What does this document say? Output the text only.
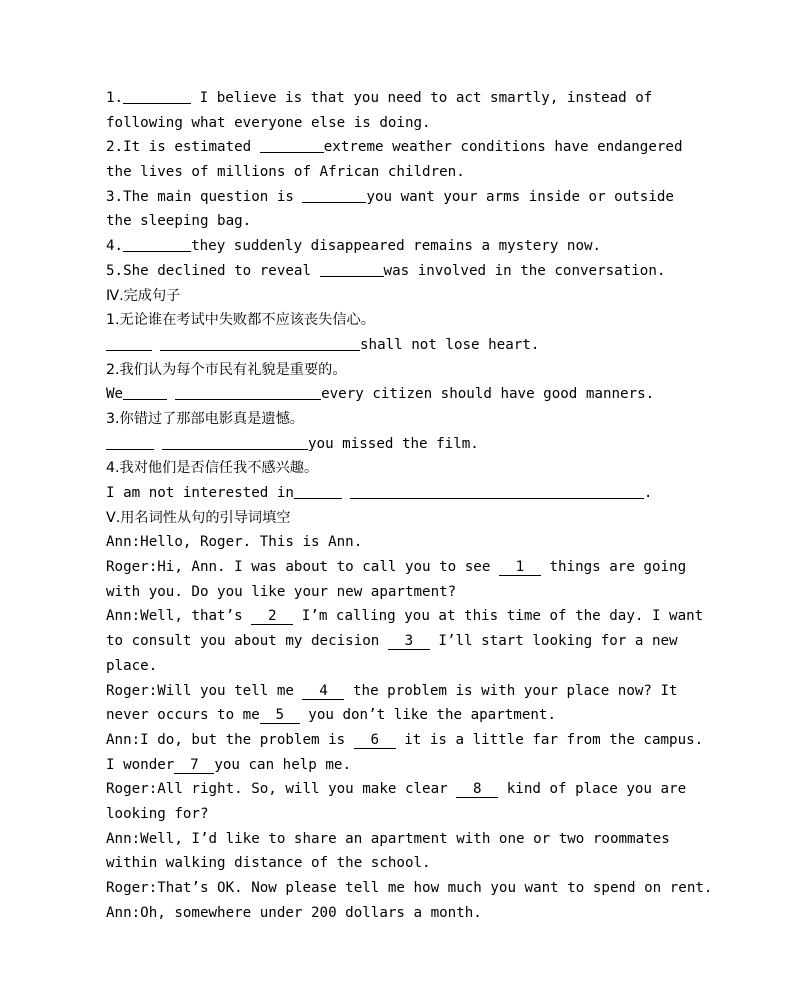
1.	I believe is that you need to act smartly, instead of
following what everyone else is doing.
2.It is estimated	extreme weather conditions have endangered
the lives of millions of African children.
3.The main question is	you want your arms inside or outside
the sleeping bag.
4.	they suddenly disappeared remains a mystery now.
5.She declined to reveal	was involved in the conversation.
Ⅳ.完成句子
1.无论谁在考试中失败都不应该丧失信心。
shall not lose heart.
2.我们认为每个市民有礼貌是重要的。
We	every citizen should have good manners.
3.你错过了那部电影真是遗憾。
you missed the film.
4.我对他们是否信任我不感兴趣。
I am not interested in	.
Ⅴ.用名词性从句的引导词填空
Ann:Hello, Roger. This is Ann.
Roger:Hi, Ann. I was about to call you to see 1 things are going
with you. Do you like your new apartment?
Ann:Well, that’s 2 I’m calling you at this time of the day. I want
to consult you about my decision 3 I’ll start looking for a new
place.
Roger:Will you tell me 4 the problem is with your place now? It
never occurs to me 5 you don’t like the apartment.
Ann:I do, but the problem is 6 it is a little far from the campus.
I wonder 7 you can help me.
Roger:All right. So, will you make clear 8 kind of place you are
looking for?
Ann:Well, I’d like to share an apartment with one or two roommates
within walking distance of the school.
Roger:That’s OK. Now please tell me how much you want to spend on rent.
Ann:Oh, somewhere under 200 dollars a month.
